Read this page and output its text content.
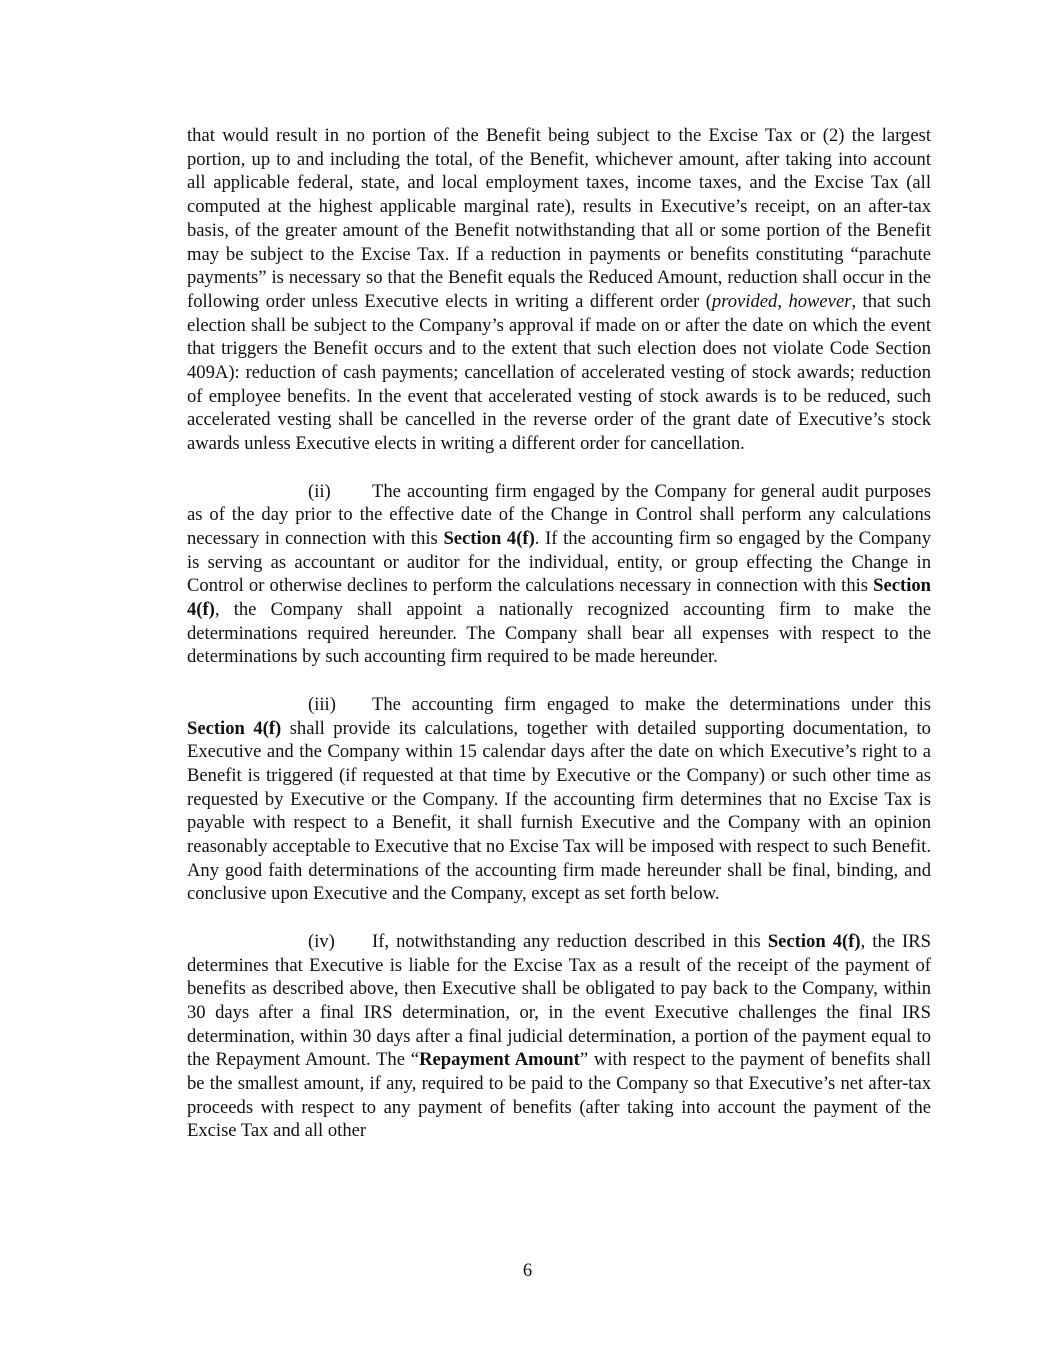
that would result in no portion of the Benefit being subject to the Excise Tax or (2) the largest portion, up to and including the total, of the Benefit, whichever amount, after taking into account all applicable federal, state, and local employment taxes, income taxes, and the Excise Tax (all computed at the highest applicable marginal rate), results in Executive’s receipt, on an after-tax basis, of the greater amount of the Benefit notwithstanding that all or some portion of the Benefit may be subject to the Excise Tax. If a reduction in payments or benefits constituting “parachute payments” is necessary so that the Benefit equals the Reduced Amount, reduction shall occur in the following order unless Executive elects in writing a different order (provided, however, that such election shall be subject to the Company’s approval if made on or after the date on which the event that triggers the Benefit occurs and to the extent that such election does not violate Code Section 409A): reduction of cash payments; cancellation of accelerated vesting of stock awards; reduction of employee benefits. In the event that accelerated vesting of stock awards is to be reduced, such accelerated vesting shall be cancelled in the reverse order of the grant date of Executive’s stock awards unless Executive elects in writing a different order for cancellation.

(ii) The accounting firm engaged by the Company for general audit purposes as of the day prior to the effective date of the Change in Control shall perform any calculations necessary in connection with this Section 4(f). If the accounting firm so engaged by the Company is serving as accountant or auditor for the individual, entity, or group effecting the Change in Control or otherwise declines to perform the calculations necessary in connection with this Section 4(f), the Company shall appoint a nationally recognized accounting firm to make the determinations required hereunder. The Company shall bear all expenses with respect to the determinations by such accounting firm required to be made hereunder.

(iii) The accounting firm engaged to make the determinations under this Section 4(f) shall provide its calculations, together with detailed supporting documentation, to Executive and the Company within 15 calendar days after the date on which Executive’s right to a Benefit is triggered (if requested at that time by Executive or the Company) or such other time as requested by Executive or the Company. If the accounting firm determines that no Excise Tax is payable with respect to a Benefit, it shall furnish Executive and the Company with an opinion reasonably acceptable to Executive that no Excise Tax will be imposed with respect to such Benefit. Any good faith determinations of the accounting firm made hereunder shall be final, binding, and conclusive upon Executive and the Company, except as set forth below.

(iv) If, notwithstanding any reduction described in this Section 4(f), the IRS determines that Executive is liable for the Excise Tax as a result of the receipt of the payment of benefits as described above, then Executive shall be obligated to pay back to the Company, within 30 days after a final IRS determination, or, in the event Executive challenges the final IRS determination, within 30 days after a final judicial determination, a portion of the payment equal to the Repayment Amount. The “Repayment Amount” with respect to the payment of benefits shall be the smallest amount, if any, required to be paid to the Company so that Executive’s net after-tax proceeds with respect to any payment of benefits (after taking into account the payment of the Excise Tax and all other

6
